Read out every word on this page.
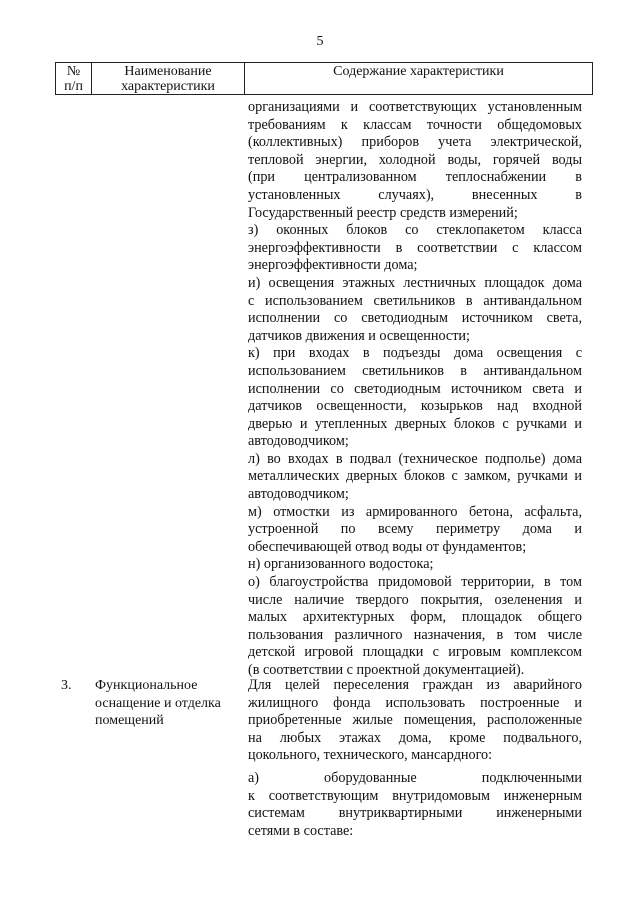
5
№
п/п
Наименование
характеристики
Содержание характеристики
организациями и соответствующих установленным
требованиям к классам точности общедомовых
(коллективных) приборов учета электрической,
тепловой энергии, холодной воды, горячей воды
(при централизованном теплоснабжении в
установленных случаях), внесенных в
Государственный реестр средств измерений;
з) оконных блоков со стеклопакетом класса
энергоэффективности в соответствии с классом
энергоэффективности дома;
и) освещения этажных лестничных площадок дома
с использованием светильников в антивандальном
исполнении со светодиодным источником света,
датчиков движения и освещенности;
к) при входах в подъезды дома освещения с
использованием светильников в антивандальном
исполнении со светодиодным источником света и
датчиков освещенности, козырьков над входной
дверью и утепленных дверных блоков с ручками и
автодоводчиком;
л) во входах в подвал (техническое подполье) дома
металлических дверных блоков с замком, ручками и
автодоводчиком;
м) отмостки из армированного бетона, асфальта,
устроенной по всему периметру дома и
обеспечивающей отвод воды от фундаментов;
н) организованного водостока;
о) благоустройства придомовой территории, в том
числе наличие твердого покрытия, озеленения и
малых архитектурных форм, площадок общего
пользования различного назначения, в том числе
детской игровой площадки с игровым комплексом
(в соответствии с проектной документацией).
3. Функциональное
оснащение и отделка
помещений
Для целей переселения граждан из аварийного
жилищного фонда использовать построенные и
приобретенные жилые помещения, расположенные
на любых этажах дома, кроме подвального,
цокольного, технического, мансардного:
а) оборудованные подключенными
к соответствующим внутридомовым инженерным
системам внутриквартирными инженерными
сетями в составе:
